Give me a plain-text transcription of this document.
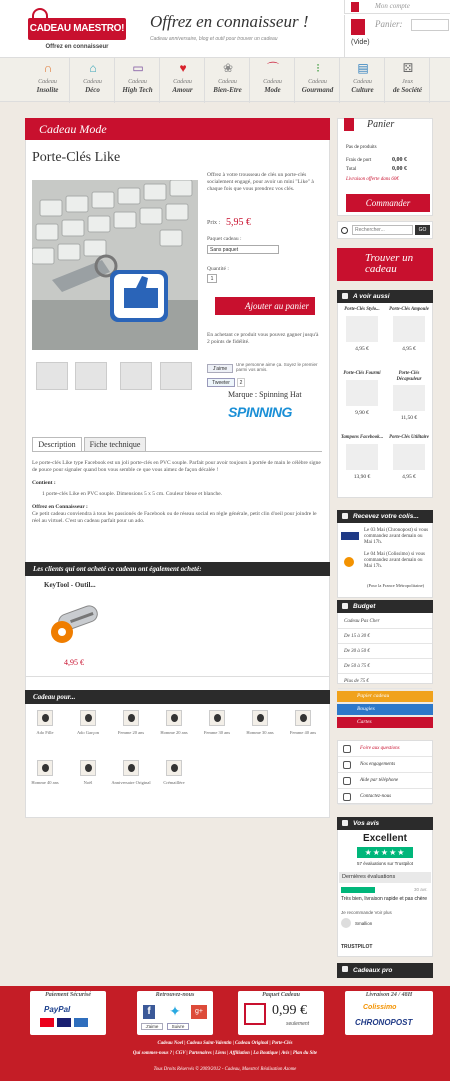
CADEAU MAESTRO!
Offrez en connaisseur
Offrez en connaisseur !
Cadeau anniversaire, blog et outil pour trouver un cadeau
Mon compte
Panier:
(Vide)
∩
Cadeau
Insolite
⌂
Cadeau
Déco
▭
Cadeau
High Tech
♥
Cadeau
Amour
❀
Cadeau
Bien-Etre
⌒
Cadeau
Mode
⁝
Cadeau
Gourmand
▤
Cadeau
Culture
⚄
Jeux
de Société
Cadeau Mode
Porte-Clés Like
Offrez à votre trousseau de clés un porte-clés socialement engagé, pour avoir un mini "Like" à chaque fois que vous prendrez vos clés.
Prix : 5,95 €
Paquet cadeau :
Sans paquet
Quantité :
1
Ajouter au panier
En achetant ce produit vous pouvez gagner jusqu'à 2 points de fidélité.
J'aime
Une personne aime ça. Soyez le premier parmi vos amis.
Tweeter	2
Marque : Spinning Hat
SPINNING
Description	Fiche technique

Le porte-clés Like type Facebook est un joli porte-clés en PVC souple. Parfait pour avoir toujours à portée de main le célèbre signe de pouce pour signaler quand bon vous semble ce que vous aimez de façon décalée !

Contient :

1 porte-clés Like en PVC souple. Dimensions 5 x 5 cm. Couleur bleue et blanche.

Offrez en Connaisseur :

Ce petit cadeau conviendra à tous les passionés de Facebook ou de réseau social en règle générale, petit clin d'oeil pour joindre le réel au virtuel. C'est un cadeau parfait pour un ado.

Les clients qui ont acheté ce cadeau ont également acheté:
KeyTool - Outil...
4,95 €
Cadeau pour...
Ado Fille	Ado Garçon	Femme 20 ans	Homme 20 ans	Femme 30 ans	Homme 30 ans	Femme 40 ans
Homme 40 ans	Noël	Anniversaire Original	Crémaillère
Panier
Pas de produits
Frais de port	0,00 €
Total	0,00 €
Livraison offerte dans 60€
Commander
Rechercher...	GO
Trouver un cadeau
A voir aussi
Porte-Clés Stylo...
4,95 €
Porte-Clés Ampoule
4,95 €
Porte-Clés Fourmi
9,90 €
Porte-Clés Décapsuleur
11,50 €
Tampons Facebook...
13,90 €
Porte-Clés Utilitaire
4,95 €
Recevez votre colis...
Le 03 Mai (Chronopost) si vous commandez avant demain ou Mai 17h.
Le 04 Mai (Colissimo) si vous commandez avant demain ou Mai 17h.
(Pour la France Métropolitaine)
Budget
Cadeau Pas Cher
De 15 à 30 €
De 30 à 50 €
De 50 à 75 €
Plus de 75 €
Papier cadeau
Bougies
Cartes
Foire aux questions
Nos engagements
Aide par téléphone
Contactez-nous
Vos avis
Excellent
★★★★★
57 évaluations sur Trustpilot
Dernières évaluations
30 avr.
Très bien, livraison rapide et pas chère
Je recommande Voir plus
Smallion
TRUSTPILOT
Cadeaux pro
Paiement Sécurisé
PayPal
Retrouvez-nous
f	✦	g+
J'aime	Suivre
Paquet Cadeau
0,99 €
seulement
Livraison 24 / 48H
Colissimo
CHRONOPOST
Cadeau Noel | Cadeau Saint-Valentin | Cadeau Original | Porte-Clés
Qui sommes-nous ? | CGV | Partenaires | Liens | Affiliation | La Boutique | Avis | Plan du Site
Tous Droits Réservés © 2009/2012 - Cadeau, Maestro! Réalisation Azome
